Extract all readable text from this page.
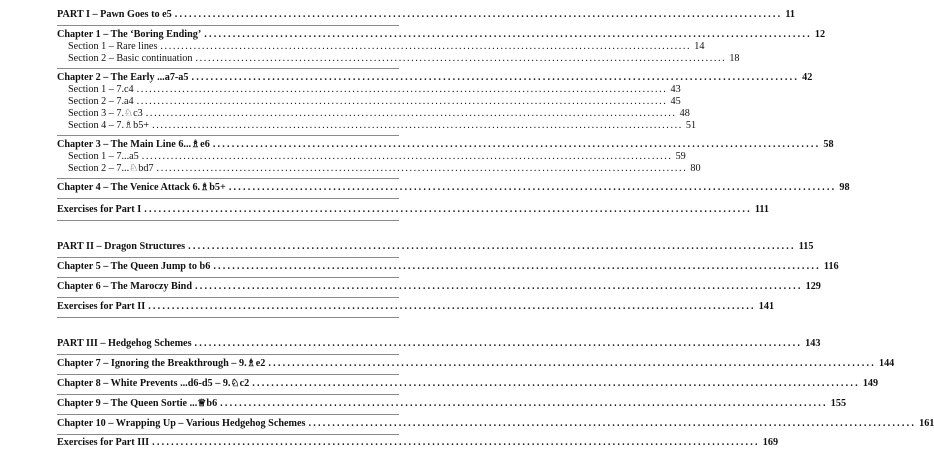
PART I – Pawn Goes to e5 ................................................................................................................................ 11
Chapter 1 – The ‘Boring Ending’ ................................................................................................................................ 12
Section 1 – Rare lines ................................................................................................................................ 14
Section 2 – Basic continuation ................................................................................................................................ 18
Chapter 2 – The Early ...a7-a5 ................................................................................................................................ 42
Section 1 – 7.c4 ................................................................................................................................ 43
Section 2 – 7.a4 ................................................................................................................................ 45
Section 3 – 7.♘c3 ................................................................................................................................ 48
Section 4 – 7.♗b5+ ................................................................................................................................ 51
Chapter 3 – The Main Line 6...♗e6 ................................................................................................................................ 58
Section 1 – 7...a5 ................................................................................................................................ 59
Section 2 – 7...♘bd7 ................................................................................................................................ 80
Chapter 4 – The Venice Attack 6.♗b5+ ................................................................................................................................ 98
Exercises for Part I ................................................................................................................................ 111
PART II – Dragon Structures ................................................................................................................................ 115
Chapter 5 – The Queen Jump to b6 ................................................................................................................................ 116
Chapter 6 – The Maroczy Bind ................................................................................................................................ 129
Exercises for Part II ................................................................................................................................ 141
PART III – Hedgehog Schemes ................................................................................................................................ 143
Chapter 7 – Ignoring the Breakthrough – 9.♗e2 ................................................................................................................................ 144
Chapter 8 – White Prevents ...d6-d5 – 9.♘c2 ................................................................................................................................ 149
Chapter 9 – The Queen Sortie ...♕b6 ................................................................................................................................ 155
Chapter 10 – Wrapping Up – Various Hedgehog Schemes ................................................................................................................................ 161
Exercises for Part III ................................................................................................................................ 169
